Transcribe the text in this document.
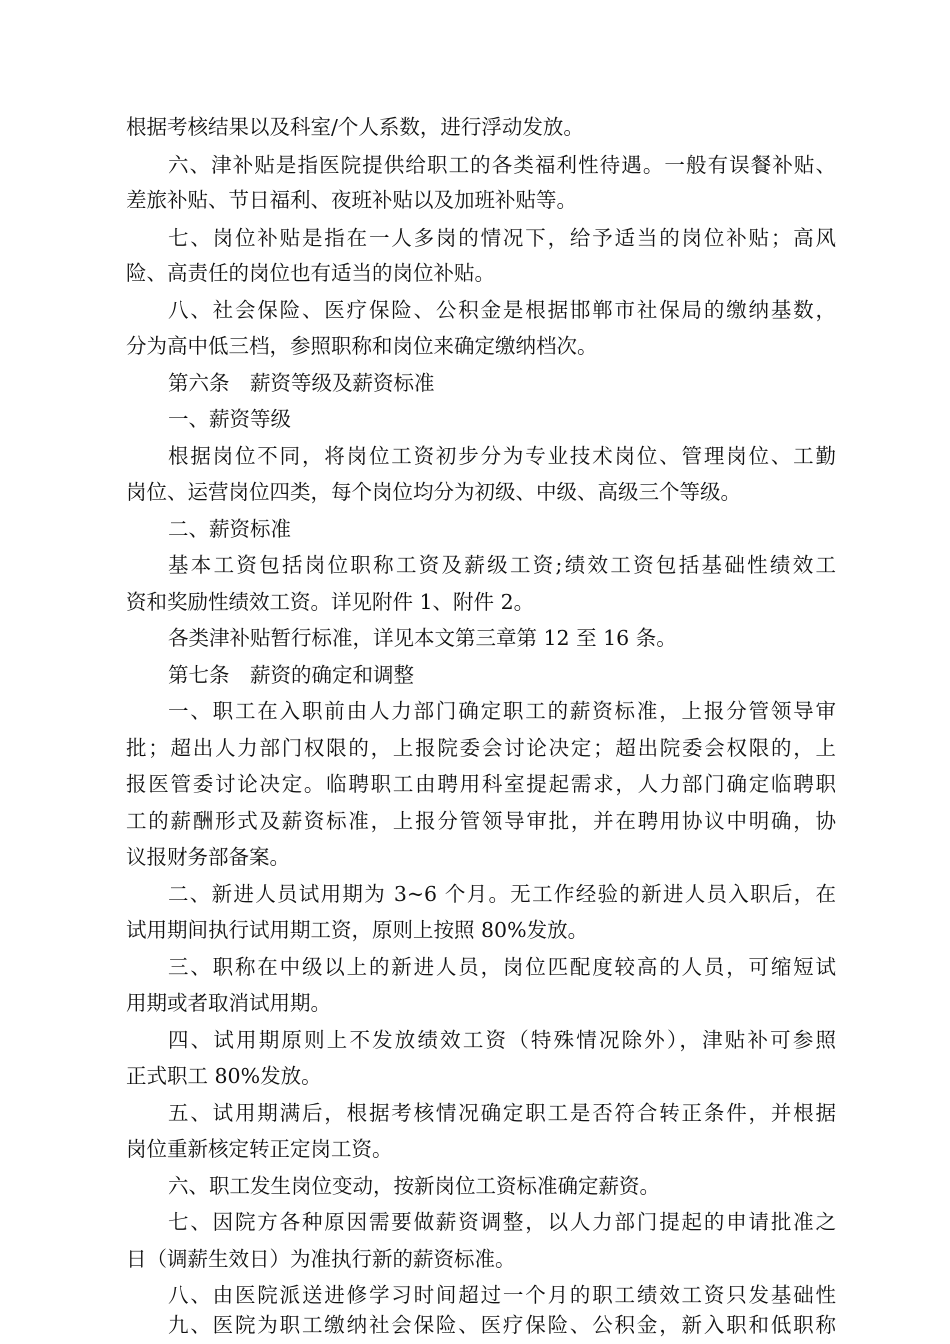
根据考核结果以及科室/个人系数，进行浮动发放。
六、津补贴是指医院提供给职工的各类福利性待遇。一般有误餐补贴、
差旅补贴、节日福利、夜班补贴以及加班补贴等。
七、岗位补贴是指在一人多岗的情况下，给予适当的岗位补贴；高风
险、高责任的岗位也有适当的岗位补贴。
八、社会保险、医疗保险、公积金是根据邯郸市社保局的缴纳基数，
分为高中低三档，参照职称和岗位来确定缴纳档次。
第六条　薪资等级及薪资标准
一、薪资等级
根据岗位不同，将岗位工资初步分为专业技术岗位、管理岗位、工勤
岗位、运营岗位四类，每个岗位均分为初级、中级、高级三个等级。
二、薪资标准
基本工资包括岗位职称工资及薪级工资;绩效工资包括基础性绩效工
资和奖励性绩效工资。详见附件 1、附件 2。
各类津补贴暂行标准，详见本文第三章第 12 至 16 条。
第七条　薪资的确定和调整
一、职工在入职前由人力部门确定职工的薪资标准，上报分管领导审
批；超出人力部门权限的，上报院委会讨论决定；超出院委会权限的，上
报医管委讨论决定。临聘职工由聘用科室提起需求，人力部门确定临聘职
工的薪酬形式及薪资标准，上报分管领导审批，并在聘用协议中明确，协
议报财务部备案。
二、新进人员试用期为 3~6 个月。无工作经验的新进人员入职后，在
试用期间执行试用期工资，原则上按照 80%发放。
三、职称在中级以上的新进人员，岗位匹配度较高的人员，可缩短试
用期或者取消试用期。
四、试用期原则上不发放绩效工资（特殊情况除外），津贴补可参照
正式职工 80%发放。
五、试用期满后，根据考核情况确定职工是否符合转正条件，并根据
岗位重新核定转正定岗工资。
六、职工发生岗位变动，按新岗位工资标准确定薪资。
七、因院方各种原因需要做薪资调整，以人力部门提起的申请批准之
日（调薪生效日）为准执行新的薪资标准。
八、由医院派送进修学习时间超过一个月的职工绩效工资只发基础性
九、医院为职工缴纳社会保险、医疗保险、公积金，新入职和低职称
